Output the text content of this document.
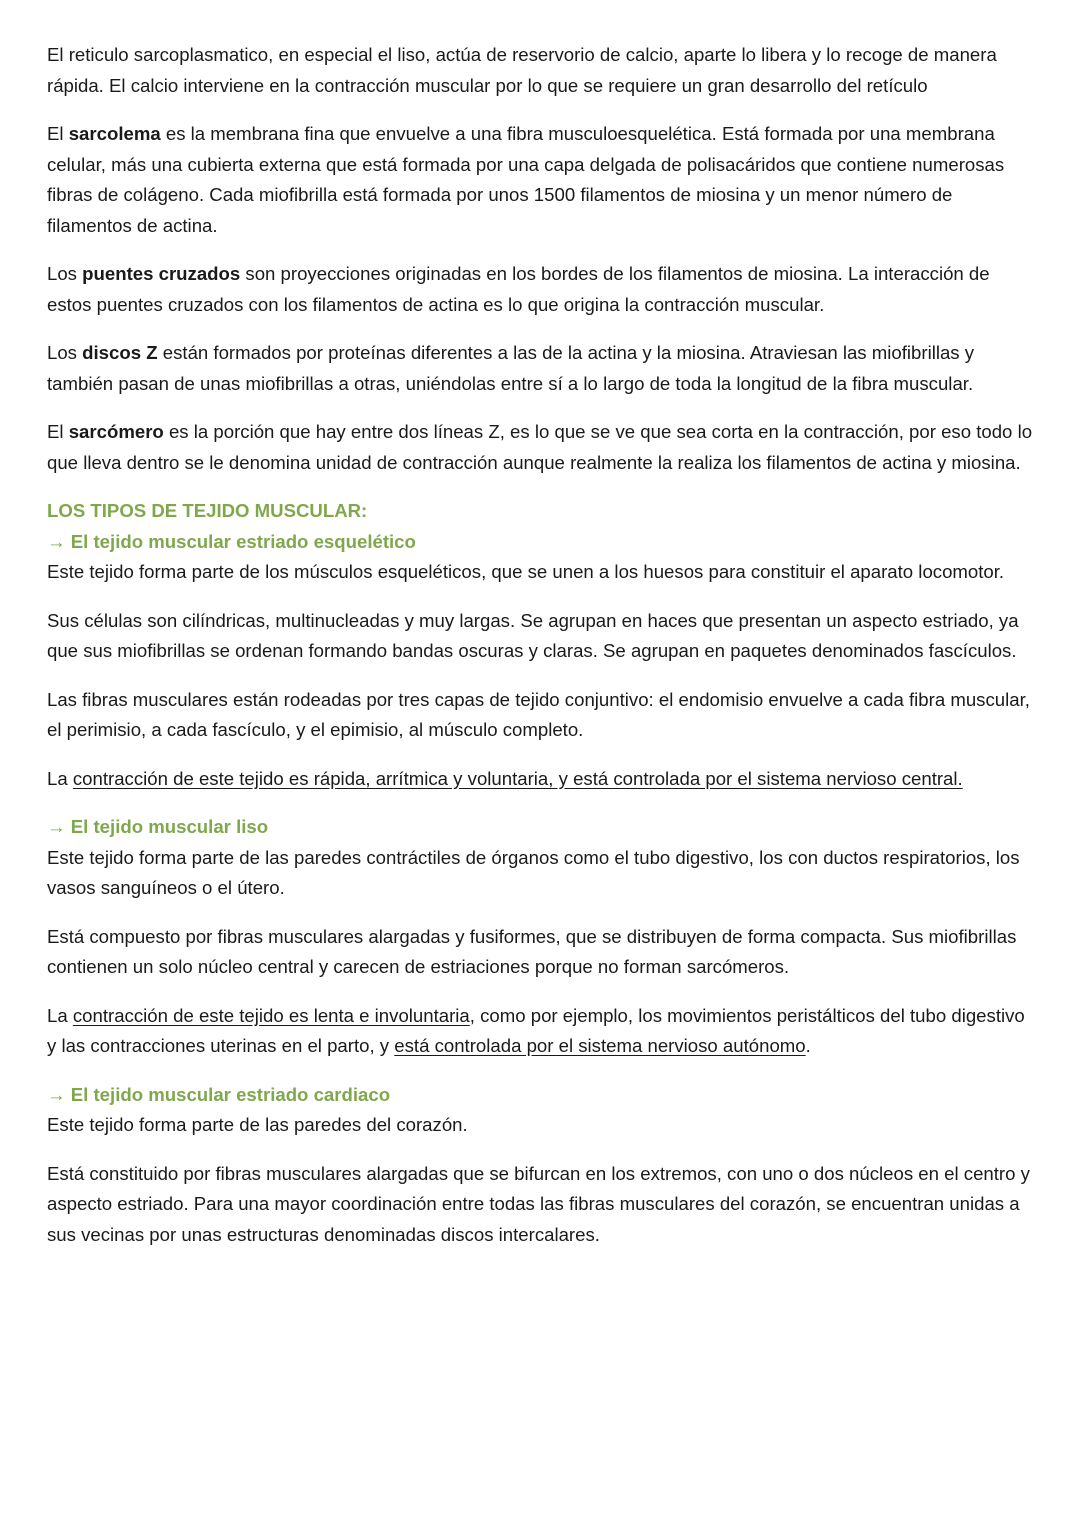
El reticulo sarcoplasmatico, en especial el liso, actúa de reservorio de calcio, aparte lo libera y lo recoge de manera rápida. El calcio interviene en la contracción muscular por lo que se requiere un gran desarrollo del retículo

El sarcolema es la membrana fina que envuelve a una fibra musculoesquelética. Está formada por una membrana celular, más una cubierta externa que está formada por una capa delgada de polisacáridos que contiene numerosas fibras de colágeno. Cada miofibrilla está formada por unos 1500 filamentos de miosina y un menor número de filamentos de actina.

Los puentes cruzados son proyecciones originadas en los bordes de los filamentos de miosina. La interacción de estos puentes cruzados con los filamentos de actina es lo que origina la contracción muscular.

Los discos Z están formados por proteínas diferentes a las de la actina y la miosina. Atraviesan las miofibrillas y también pasan de unas miofibrillas a otras, uniéndolas entre sí a lo largo de toda la longitud de la fibra muscular.

El sarcómero es la porción que hay entre dos líneas Z, es lo que se ve que sea corta en la contracción, por eso todo lo que lleva dentro se le denomina unidad de contracción aunque realmente la realiza los filamentos de actina y miosina.

LOS TIPOS DE TEJIDO MUSCULAR:
→ El tejido muscular estriado esquelético

Este tejido forma parte de los músculos esqueléticos, que se unen a los huesos para constituir el aparato locomotor.

Sus células son cilíndricas, multinucleadas y muy largas. Se agrupan en haces que presentan un aspecto estriado, ya que sus miofibrillas se ordenan formando bandas oscuras y claras. Se agrupan en paquetes denominados fascículos.

Las fibras musculares están rodeadas por tres capas de tejido conjuntivo: el endomisio envuelve a cada fibra muscular, el perimisio, a cada fascículo, y el epimisio, al músculo completo.

La contracción de este tejido es rápida, arrítmica y voluntaria, y está controlada por el sistema nervioso central.

→ El tejido muscular liso

Este tejido forma parte de las paredes contráctiles de órganos como el tubo digestivo, los con ductos respiratorios, los vasos sanguíneos o el útero.

Está compuesto por fibras musculares alargadas y fusiformes, que se distribuyen de forma compacta. Sus miofibrillas contienen un solo núcleo central y carecen de estriaciones porque no forman sarcómeros.

La contracción de este tejido es lenta e involuntaria, como por ejemplo, los movimientos peristálticos del tubo digestivo y las contracciones uterinas en el parto, y está controlada por el sistema nervioso autónomo.

→ El tejido muscular estriado cardiaco

Este tejido forma parte de las paredes del corazón.

Está constituido por fibras musculares alargadas que se bifurcan en los extremos, con uno o dos núcleos en el centro y aspecto estriado. Para una mayor coordinación entre todas las fibras musculares del corazón, se encuentran unidas a sus vecinas por unas estructuras denominadas discos intercalares.
